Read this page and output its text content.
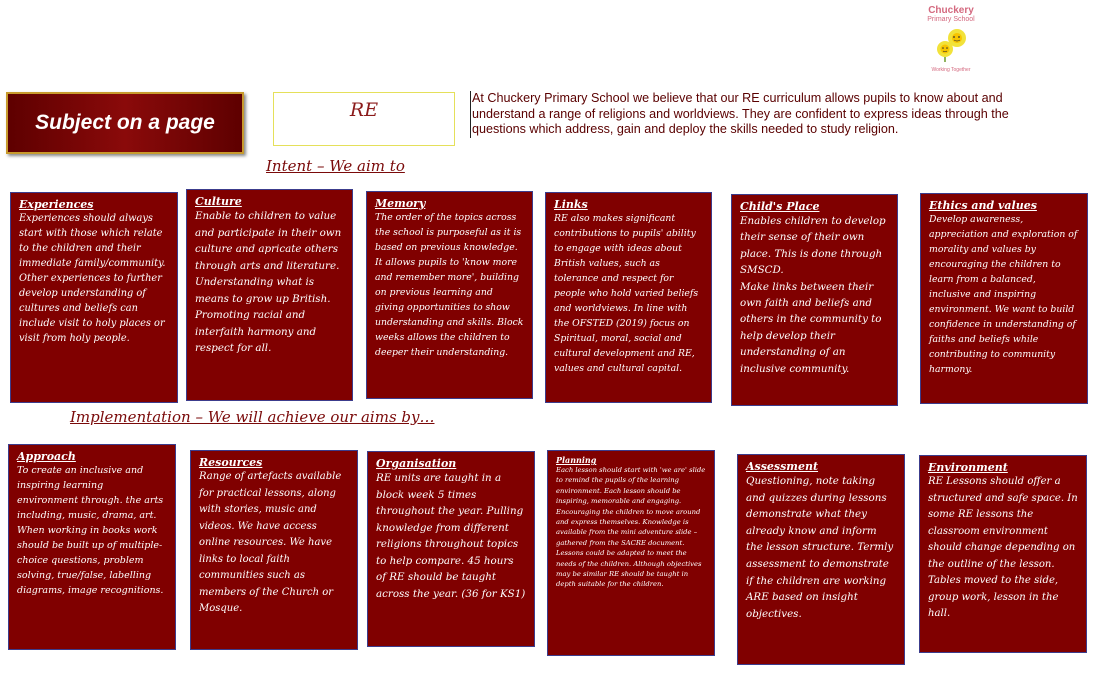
Chuckery
Primary School
Working Together
Subject on a page
RE
At Chuckery Primary School we believe that our RE curriculum allows pupils to know about and understand a range of religions and worldviews. They are confident to express ideas through the questions which address, gain and deploy the skills needed to study religion.
Intent – We aim to
Experiences
Experiences should always start with those which relate to the children and their immediate family/community.
Other experiences to further develop understanding of cultures and beliefs can include visit to holy places or visit from holy people.
Culture
Enable to children to value and participate in their own culture and apricate others through arts and literature. Understanding what is means to grow up British. Promoting racial and interfaith harmony and respect for all.
Memory
The order of the topics across the school is purposeful as it is based on previous knowledge. It allows pupils to 'know more and remember more', building on previous learning and giving opportunities to show understanding and skills. Block weeks allows the children to deeper their understanding.
Links
RE also makes significant contributions to pupils' ability to engage with ideas about British values, such as tolerance and respect for people who hold varied beliefs and worldviews. In line with the OFSTED (2019) focus on Spiritual, moral, social and cultural development and RE, values and cultural capital.
Child's Place
Enables children to develop their sense of their own place. This is done through SMSCD.
Make links between their own faith and beliefs and others in the community to help develop their understanding of an inclusive community.
Ethics and values
Develop awareness, appreciation and exploration of morality and values by encouraging the children to learn from a balanced, inclusive and inspiring environment. We want to build confidence in understanding of faiths and beliefs while contributing to community harmony.
Implementation – We will achieve our aims by…
Approach
To create an inclusive and inspiring learning environment through. the arts including, music, drama, art. When working in books work should be built up of multiple-choice questions, problem solving, true/false, labelling diagrams, image recognitions.
Resources
Range of artefacts available for practical lessons, along with stories, music and videos. We have access online resources. We have links to local faith communities such as members of the Church or Mosque.
Organisation
RE units are taught in a block week 5 times throughout the year. Pulling knowledge from different religions throughout topics to help compare. 45 hours of RE should be taught across the year. (36 for KS1)
Planning
Each lesson should start with 'we are' slide to remind the pupils of the learning environment. Each lesson should be inspiring, memorable and engaging. Encouraging the children to move around and express themselves. Knowledge is available from the mini adventure slide – gathered from the SACRE document. Lessons could be adapted to meet the needs of the children. Although objectives may be similar RE should be taught in depth suitable for the children.
Assessment
Questioning, note taking and quizzes during lessons demonstrate what they already know and inform the lesson structure. Termly assessment to demonstrate if the children are working ARE based on insight objectives.
Environment
RE Lessons should offer a structured and safe space. In some RE lessons the classroom environment should change depending on the outline of the lesson. Tables moved to the side, group work, lesson in the hall.
